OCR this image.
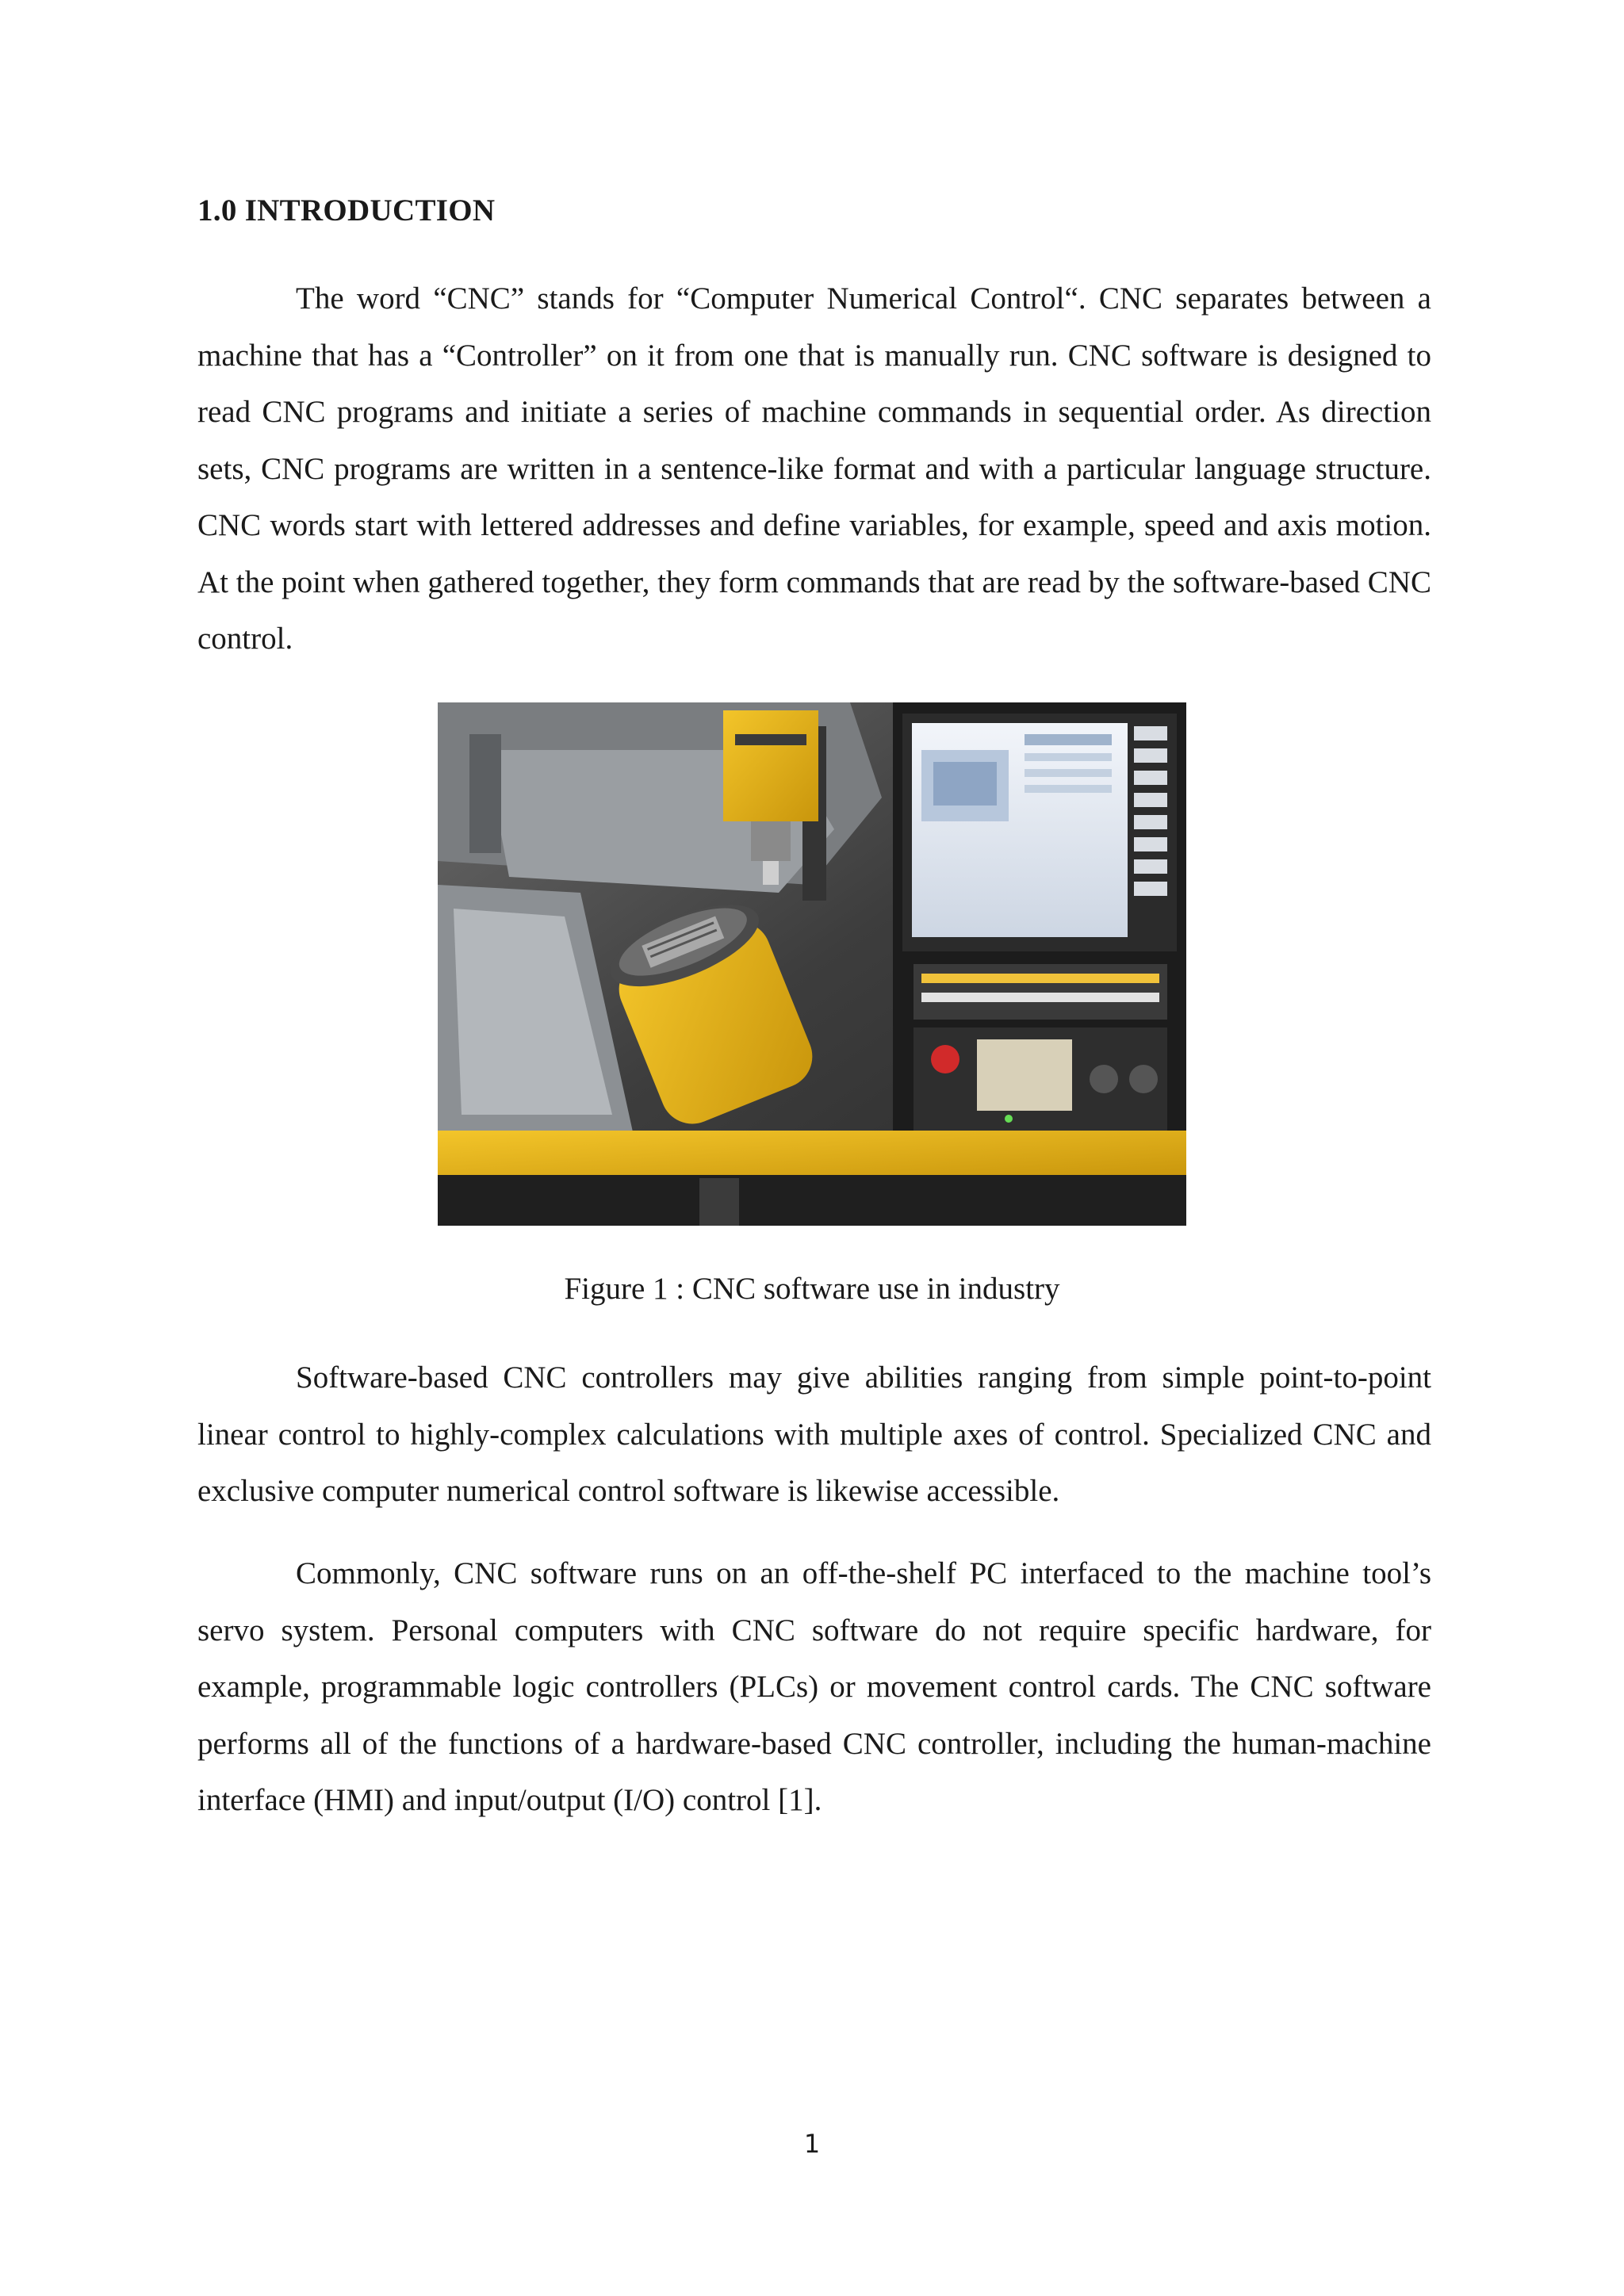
1.0 INTRODUCTION

The word “CNC” stands for “Computer Numerical Control“. CNC separates between a machine that has a “Controller” on it from one that is manually run. CNC software is designed to read CNC programs and initiate a series of machine commands in sequential order. As direction sets, CNC programs are written in a sentence-like format and with a particular language structure. CNC words start with lettered addresses and define variables, for example, speed and axis motion. At the point when gathered together, they form commands that are read by the software-based CNC control.

Figure 1 : CNC software use in industry

Software-based CNC controllers may give abilities ranging from simple point-to-point linear control to highly-complex calculations with multiple axes of control. Specialized CNC and exclusive computer numerical control software is likewise accessible.

Commonly, CNC software runs on an off-the-shelf PC interfaced to the machine tool’s servo system. Personal computers with CNC software do not require specific hardware, for example, programmable logic controllers (PLCs) or movement control cards. The CNC software performs all of the functions of a hardware-based CNC controller, including the human-machine interface (HMI) and input/output (I/O) control [1].

1
